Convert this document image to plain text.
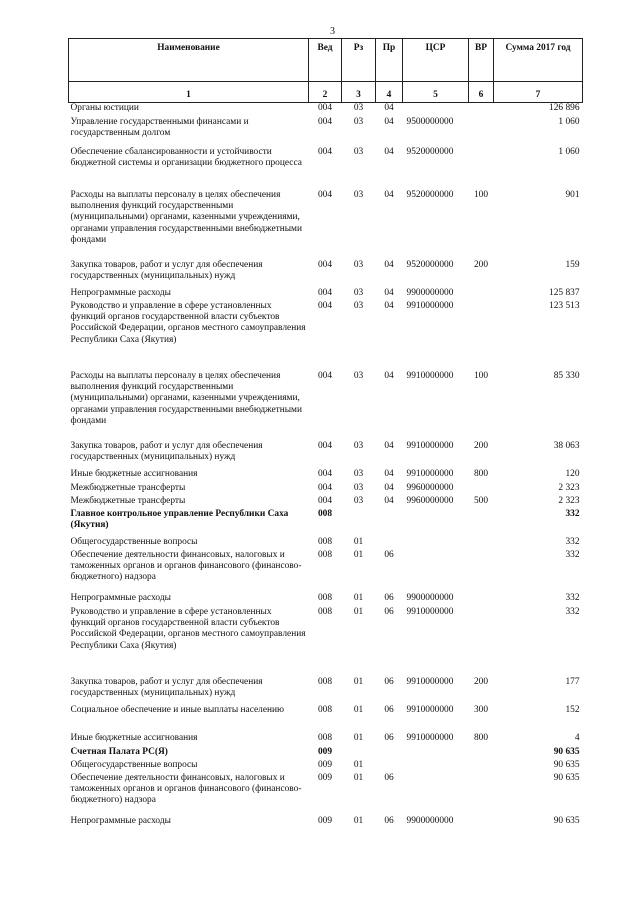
3
Наименование	Вед	Рз	Пр	ЦСР	ВР	Сумма 2017 год
1	2	3	4	5	6	7
Органы юстиции	004	03	04			126 896
Управление государственными финансами и государственным долгом	004	03	04	9500000000		1 060
Обеспечение сбалансированности и устойчивости бюджетной системы и организации бюджетного процесса	004	03	04	9520000000		1 060
Расходы на выплаты персоналу в целях обеспечения выполнения функций государственными (муниципальными) органами, казенными учреждениями, органами управления государственными внебюджетными фондами	004	03	04	9520000000	100	901
Закупка товаров, работ и услуг для обеспечения государственных (муниципальных) нужд	004	03	04	9520000000	200	159
Непрограммные расходы	004	03	04	9900000000		125 837
Руководство и управление в сфере установленных функций органов государственной власти субъектов Российской Федерации, органов местного самоуправления Республики Саха (Якутия)	004	03	04	9910000000		123 513
Расходы на выплаты персоналу в целях обеспечения выполнения функций государственными (муниципальными) органами, казенными учреждениями, органами управления государственными внебюджетными фондами	004	03	04	9910000000	100	85 330
Закупка товаров, работ и услуг для обеспечения государственных (муниципальных) нужд	004	03	04	9910000000	200	38 063
Иные бюджетные ассигнования	004	03	04	9910000000	800	120
Межбюджетные трансферты	004	03	04	9960000000		2 323
Межбюджетные трансферты	004	03	04	9960000000	500	2 323
Главное контрольное управление Республики Саха (Якутия)	008					332
Общегосударственные вопросы	008	01				332
Обеспечение деятельности финансовых, налоговых и таможенных органов и органов финансового (финансово-бюджетного) надзора	008	01	06			332
Непрограммные расходы	008	01	06	9900000000		332
Руководство и управление в сфере установленных функций органов государственной власти субъектов Российской Федерации, органов местного самоуправления Республики Саха (Якутия)	008	01	06	9910000000		332
Закупка товаров, работ и услуг для обеспечения государственных (муниципальных) нужд	008	01	06	9910000000	200	177
Социальное обеспечение и иные выплаты населению	008	01	06	9910000000	300	152
Иные бюджетные ассигнования	008	01	06	9910000000	800	4
Счетная Палата РС(Я)	009					90 635
Общегосударственные вопросы	009	01				90 635
Обеспечение деятельности финансовых, налоговых и таможенных органов и органов финансового (финансово-бюджетного) надзора	009	01	06			90 635
Непрограммные расходы	009	01	06	9900000000		90 635
